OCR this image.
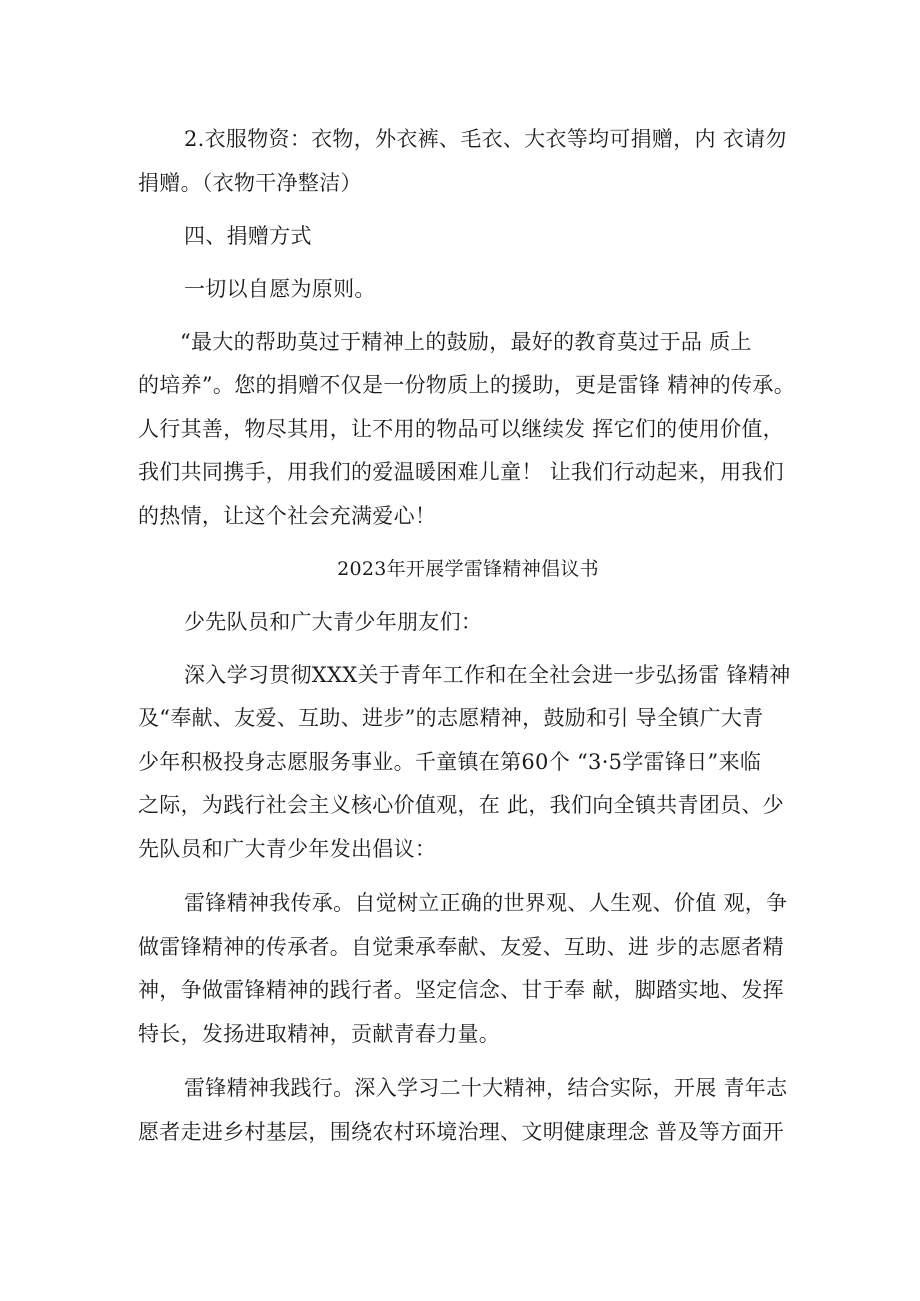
2.衣服物资：衣物，外衣裤、毛衣、大衣等均可捐赠，内 衣请勿
捐赠。（衣物干净整洁）
四、捐赠方式
一切以自愿为原则。
“最大的帮助莫过于精神上的鼓励，最好的教育莫过于品 质上
的培养”。您的捐赠不仅是一份物质上的援助，更是雷锋 精神的传承。
人行其善，物尽其用，让不用的物品可以继续发 挥它们的使用价值，
我们共同携手，用我们的爱温暖困难儿童！ 让我们行动起来，用我们
的热情，让这个社会充满爱心！
2023年开展学雷锋精神倡议书
少先队员和广大青少年朋友们：
深入学习贯彻XXX关于青年工作和在全社会进一步弘扬雷 锋精神
及“奉献、友爱、互助、进步”的志愿精神，鼓励和引 导全镇广大青
少年积极投身志愿服务事业。千童镇在第60个 “3·5学雷锋日”来临
之际，为践行社会主义核心价值观，在 此，我们向全镇共青团员、少
先队员和广大青少年发出倡议：
雷锋精神我传承。自觉树立正确的世界观、人生观、价值 观，争
做雷锋精神的传承者。自觉秉承奉献、友爱、互助、进 步的志愿者精
神，争做雷锋精神的践行者。坚定信念、甘于奉 献，脚踏实地、发挥
特长，发扬进取精神，贡献青春力量。
雷锋精神我践行。深入学习二十大精神，结合实际，开展 青年志
愿者走进乡村基层，围绕农村环境治理、文明健康理念 普及等方面开
